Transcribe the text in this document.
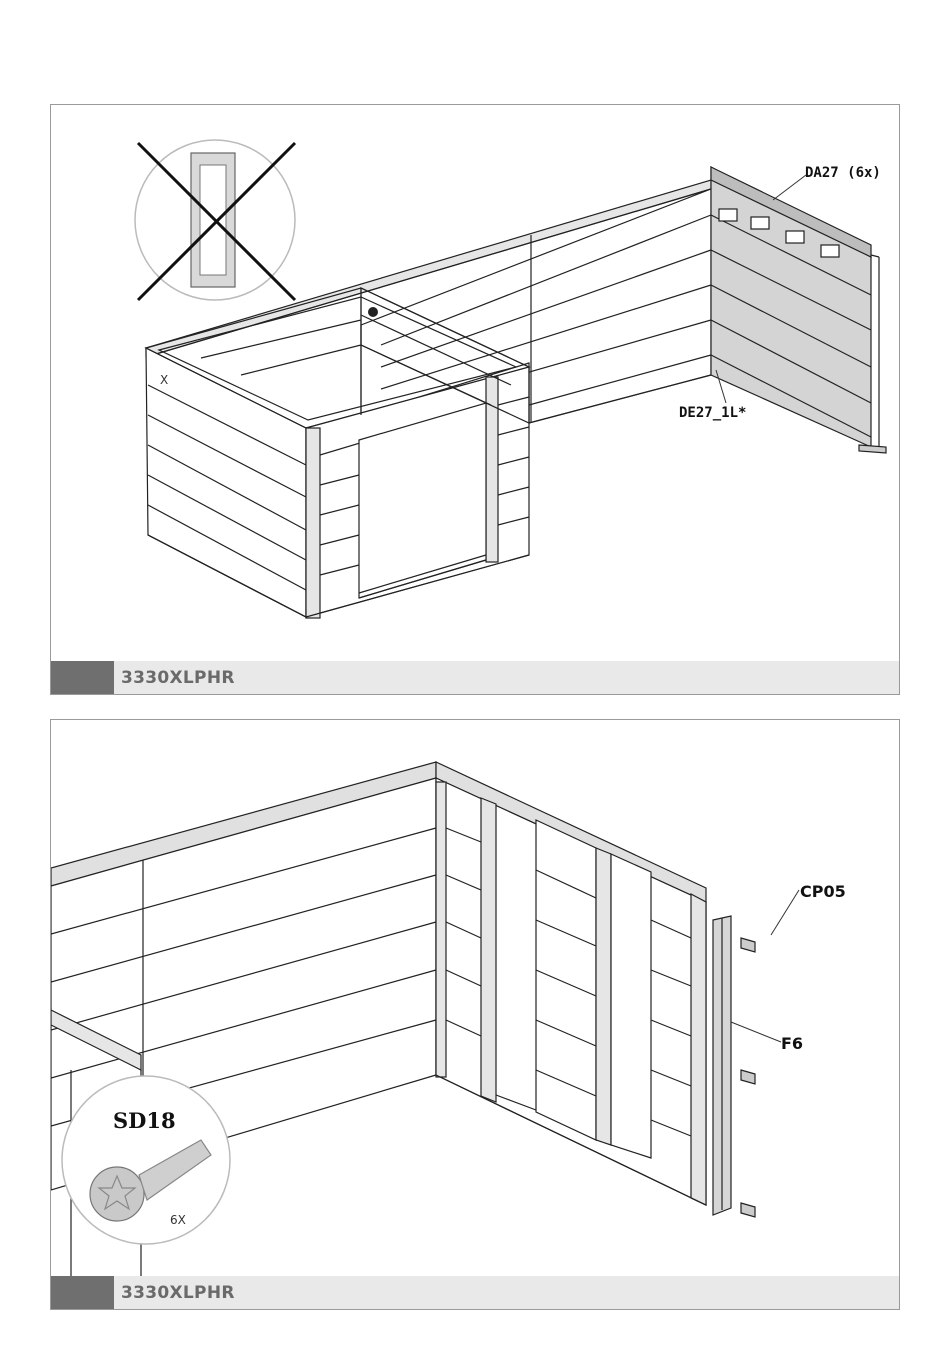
DA27 (6x)
DE27_1L*
X
3330XLPHR
CP05
F6
SD18
6X
3330XLPHR
